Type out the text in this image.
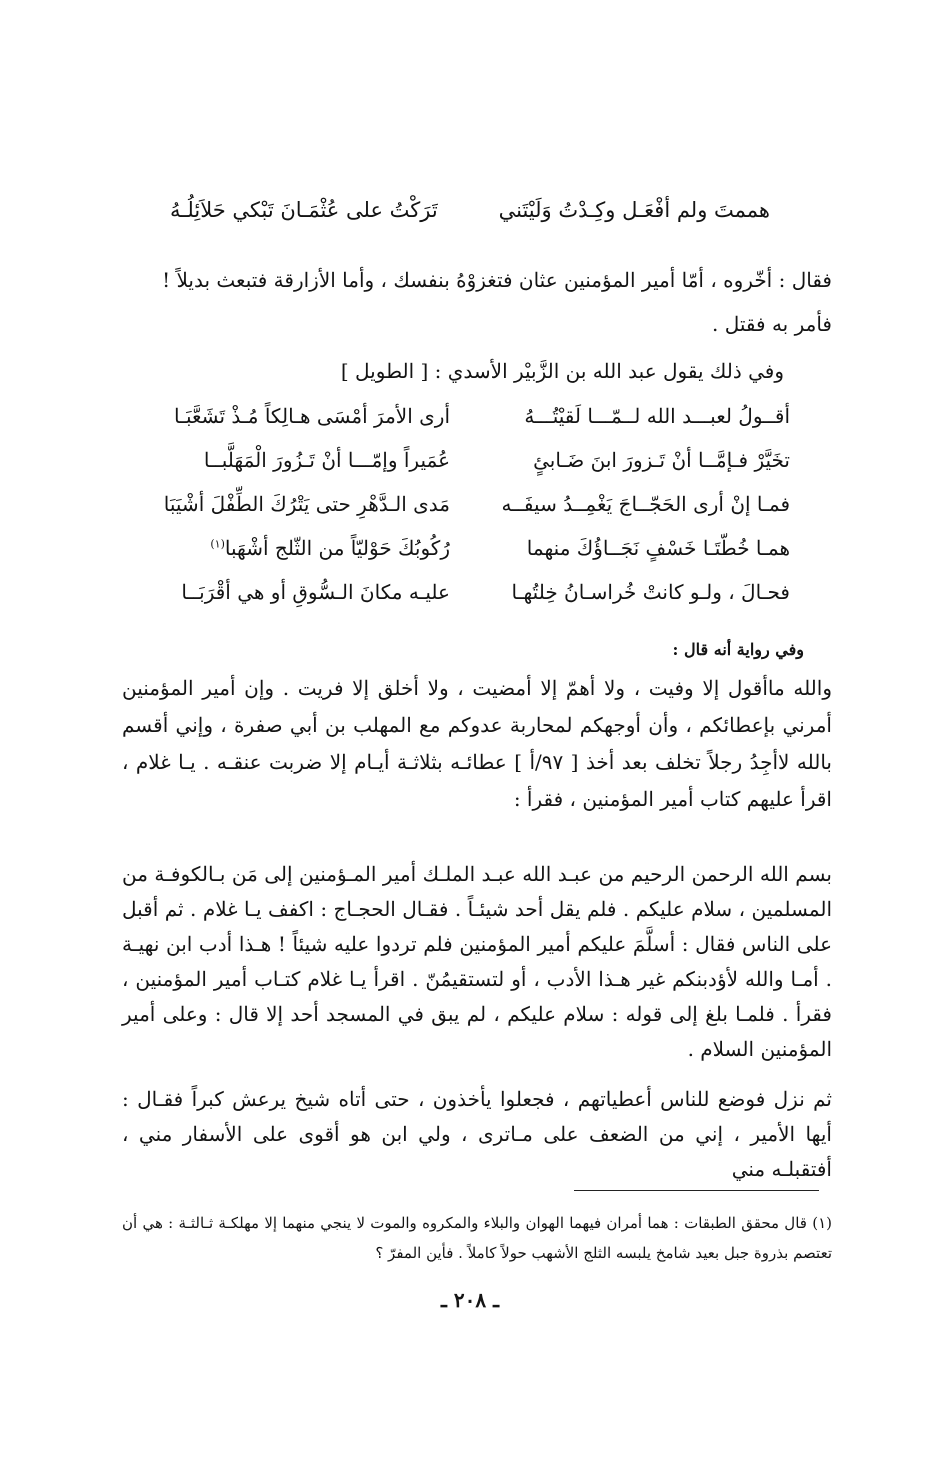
هممتَ ولم أفْعَـل وكِـدْتُ وَلَيْتَني
تَرَكْتُ على عُثْمَـانَ تَبْكي حَلاَئِلُـهُ
فقال : أخّروه ، أمّا أمير المؤمنين عثان فتغزوْهُ بنفسك ، وأما الأزارقة فتبعث بديلاً !
فأمر به فقتل .
وفي ذلك يقول عبد الله بن الزَّبيْر الأسدي : [ الطويل ]
أقــولُ لعبـــد الله لــمّـــا لَقيْتُـــهُ
أرى الأمرَ أمْسَى هـالِكاً مُـذْ تَشَعَّبَـا
تخَيَّرْ فـإمَّــا أنْ تَـزورَ ابنَ ضَـابئٍ
عُمَيراً وإمّـــا أنْ تَـزُورَ الْمَهَلَّبــا
فمـا إنْ أرى الحَجّــاجَ يَغْمِــدُ سيفَــه
مَدى الـدَّهْرِ حتى يَتْرُكَ الطِّفْلَ أشْيَبَا
همـا خُطّتَـا خَسْفٍ نَجَــاؤُكَ منهما
رُكُوبُكَ حَوْليّاً من الثّلج أشْهَبا$^{(١)}$
فحـالَ ، ولـو كانتْ خُراسـانُ خِلتُهـا
عليـه مكانَ الـسُّوقِ أو هي أقْرَبَــا
وفي رواية أنه قال :
والله ماأقول إلا وفيت ، ولا أهمّ إلا أمضيت ، ولا أخلق إلا فريت . وإن أمير المؤمنين أمرني بإعطائكم ، وأن أوجهكم لمحاربة عدوكم مع المهلب بن أبي صفرة ، وإني أقسم بالله لاأجِدُ رجلاً تخلف بعد أخذ [ ٩٧/أ ] عطائـه بثلاثـة أيـام إلا ضربت عنقـه . يـا غلام ، اقرأ عليهم كتاب أمير المؤمنين ، فقرأ :
بسم الله الرحمن الرحيم من عبـد الله عبـد الملـك أمير المـؤمنين إلى مَن بـالكوفـة من المسلمين ، سلام عليكم . فلم يقل أحد شيئـاً . فقـال الحجـاج : اكفف يـا غلام . ثم أقبل على الناس فقال : أسلَّمَ عليكم أمير المؤمنين فلم تردوا عليه شيئاً ! هـذا أدب ابن نهيـة . أمـا والله لأؤدبنكم غير هـذا الأدب ، أو لتستقيمُنّ . اقرأ يـا غلام كتـاب أمير المؤمنين ، فقرأ . فلمـا بلغ إلى قوله : سلام عليكم ، لم يبق في المسجد أحد إلا قال : وعلى أمير المؤمنين السلام .
ثم نزل فوضع للناس أعطياتهم ، فجعلوا يأخذون ، حتى أتاه شيخ يرعش كبراً فقـال : أيها الأمير ، إني من الضعف على مـاترى ، ولي ابن هو أقوى على الأسفار مني ، أفتقبلـه مني
(١) قال محقق الطبقات : هما أمران فيهما الهوان والبلاء والمكروه والموت لا ينجي منهما إلا مهلكـة ثـالثـة : هي أن تعتصم بذروة جبل بعيد شامخ يلبسه الثلج الأشهب حولاً كاملاً . فأين المفرّ ؟
ـ ٢٠٨ ـ
